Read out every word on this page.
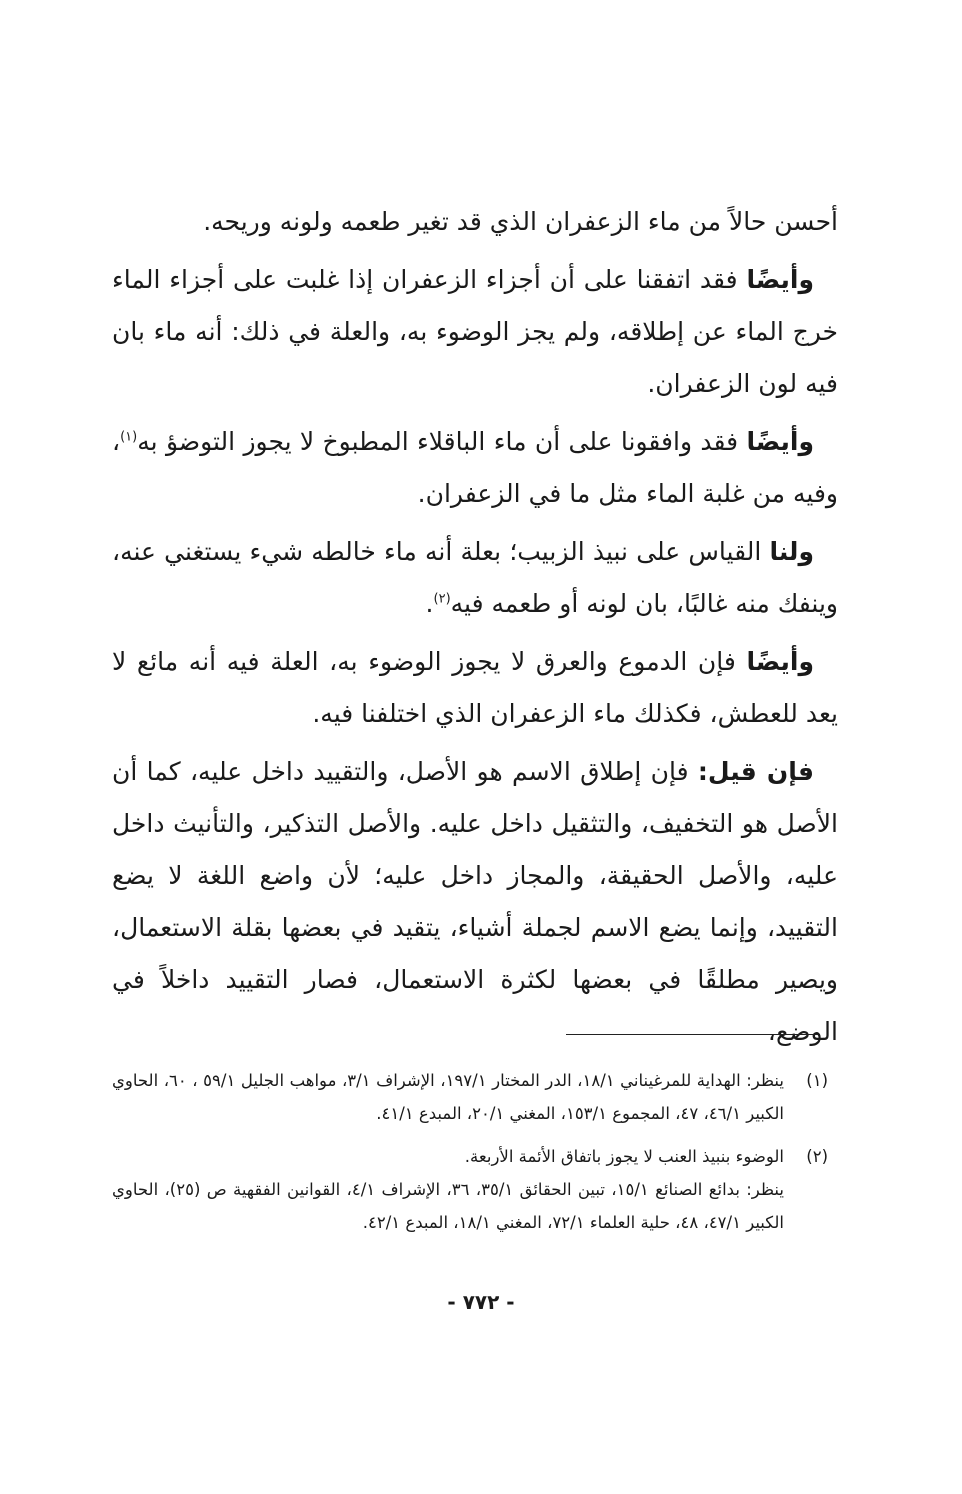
أحسن حالاً من ماء الزعفران الذي قد تغير طعمه ولونه وريحه.

وأيضًا فقد اتفقنا على أن أجزاء الزعفران إذا غلبت على أجزاء الماء خرج الماء عن إطلاقه، ولم يجز الوضوء به، والعلة في ذلك: أنه ماء بان فيه لون الزعفران.

وأيضًا فقد وافقونا على أن ماء الباقلاء المطبوخ لا يجوز التوضؤ به$^{(١)}$، وفيه من غلبة الماء مثل ما في الزعفران.

ولنا القياس على نبيذ الزبيب؛ بعلة أنه ماء خالطه شيء يستغني عنه، وينفك منه غالبًا، بان لونه أو طعمه فيه$^{(٢)}$.

وأيضًا فإن الدموع والعرق لا يجوز الوضوء به، العلة فيه أنه مائع لا يعد للعطش، فكذلك ماء الزعفران الذي اختلفنا فيه.

فإن قيل: فإن إطلاق الاسم هو الأصل، والتقييد داخل عليه، كما أن الأصل هو التخفيف، والتثقيل داخل عليه. والأصل التذكير، والتأنيث داخل عليه، والأصل الحقيقة، والمجاز داخل عليه؛ لأن واضع اللغة لا يضع التقييد، وإنما يضع الاسم لجملة أشياء، يتقيد في بعضها بقلة الاستعمال، ويصير مطلقًا في بعضها لكثرة الاستعمال، فصار التقييد داخلاً في الوضع،

(١)
ينظر: الهداية للمرغيناني ١٨/١، الدر المختار ١٩٧/١، الإشراف ٣/١، مواهب الجليل ٥٩/١ ، ٦٠، الحاوي الكبير ٤٦/١، ٤٧، المجموع ١٥٣/١، المغني ٢٠/١، المبدع ٤١/١.
(٢)
الوضوء بنبيذ العنب لا يجوز باتفاق الأئمة الأربعة.
ينظر: بدائع الصنائع ١٥/١، تبين الحقائق ٣٥/١، ٣٦، الإشراف ٤/١، القوانين الفقهية ص (٢٥)، الحاوي الكبير ٤٧/١، ٤٨، حلية العلماء ٧٢/١، المغني ١٨/١، المبدع ٤٢/١.
- ٧٧٢ -
